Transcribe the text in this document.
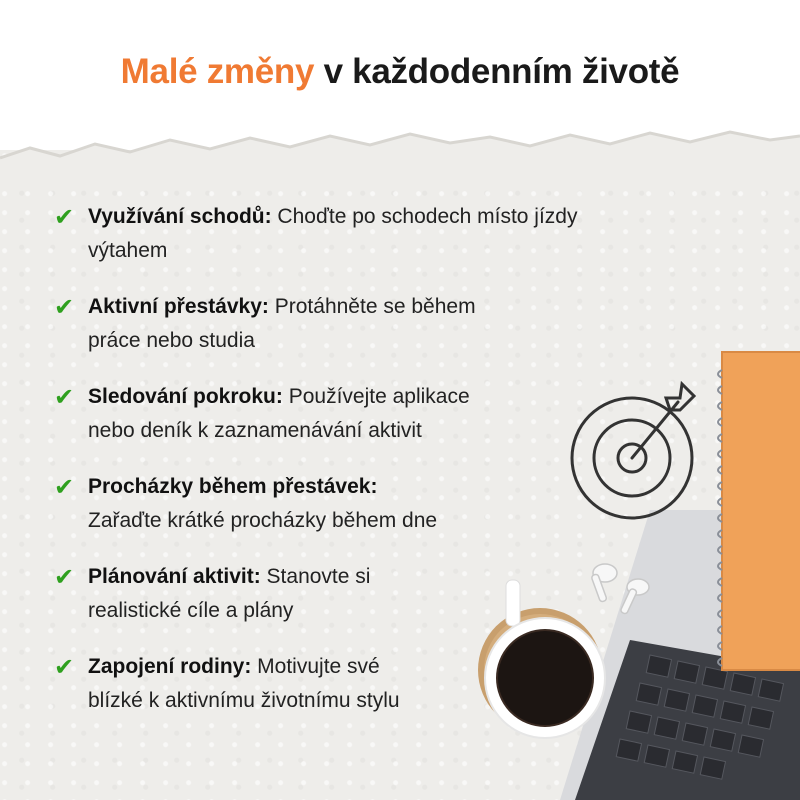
Malé změny v každodenním životě
✔ Využívání schodů: Choďte po schodech místo jízdy
výtahem
✔ Aktivní přestávky: Protáhněte se během
práce nebo studia
✔ Sledování pokroku: Používejte aplikace
nebo deník k zaznamenávání aktivit
✔ Procházky během přestávek:
Zařaďte krátké procházky během dne
✔ Plánování aktivit: Stanovte si
realistické cíle a plány
✔ Zapojení rodiny: Motivujte své
blízké k aktivnímu životnímu stylu
